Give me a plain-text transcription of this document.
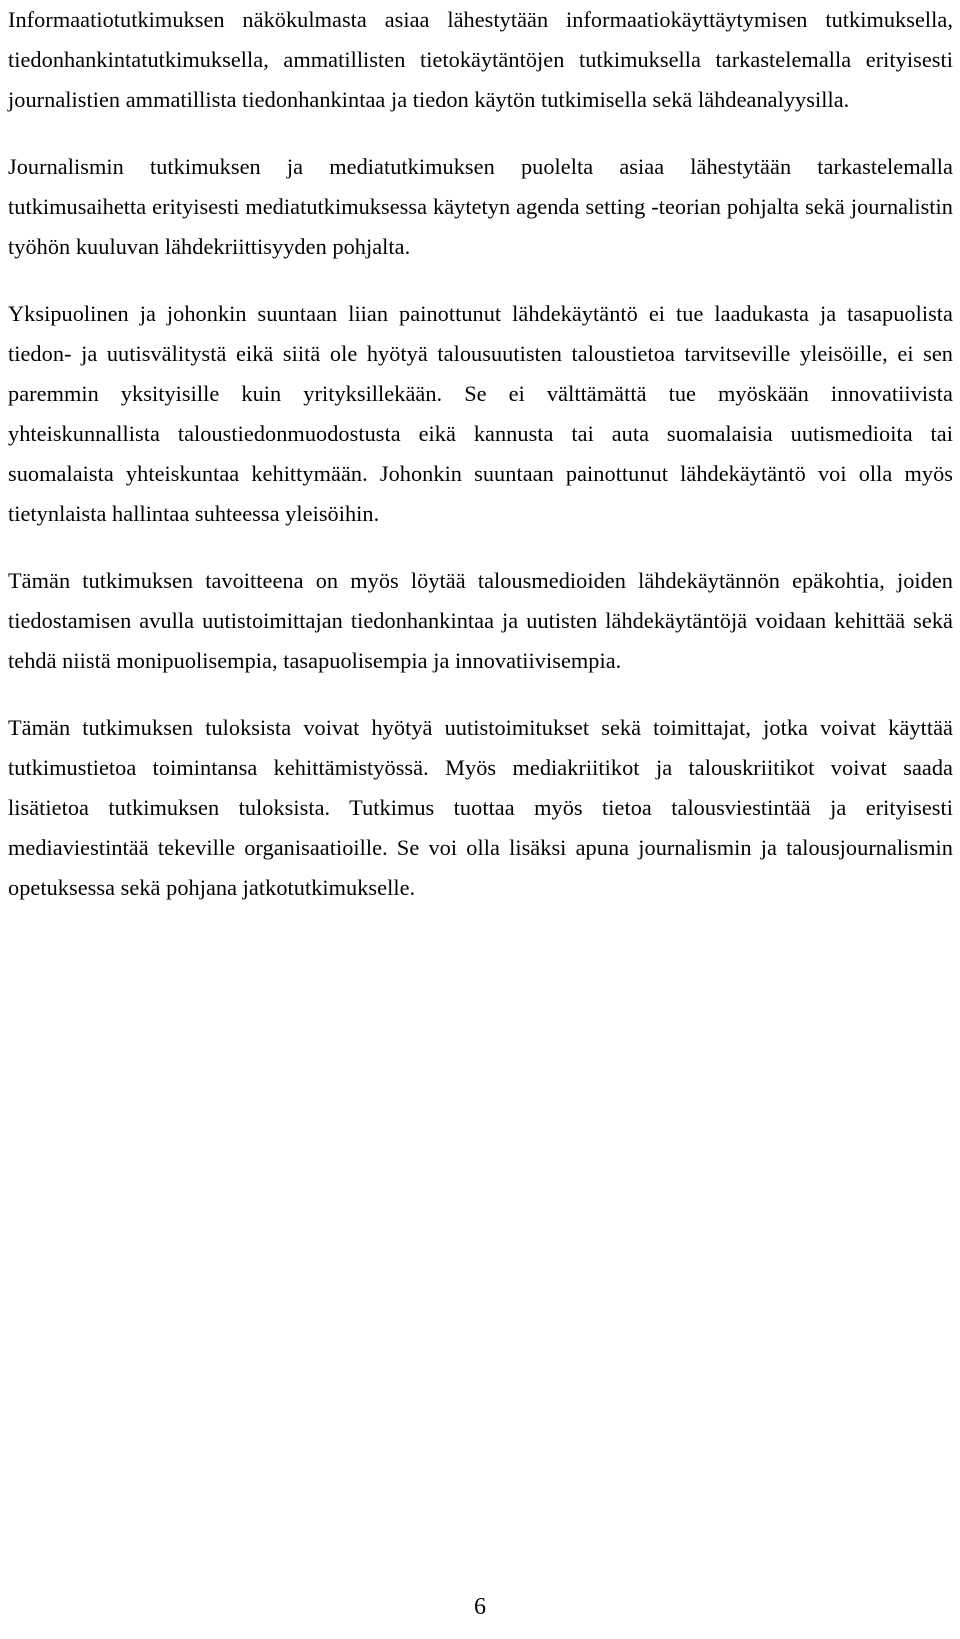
Informaatiotutkimuksen näkökulmasta asiaa lähestytään informaatiokäyttäytymisen tutkimuksella, tiedonhankintatutkimuksella, ammatillisten tietokäytäntöjen tutkimuksella tarkastelemalla erityisesti journalistien ammatillista tiedonhankintaa ja tiedon käytön tutkimisella sekä lähdeanalyysilla.

Journalismin tutkimuksen ja mediatutkimuksen puolelta asiaa lähestytään tarkastelemalla tutkimusaihetta erityisesti mediatutkimuksessa käytetyn agenda setting -teorian pohjalta sekä journalistin työhön kuuluvan lähdekriittisyyden pohjalta.

Yksipuolinen ja johonkin suuntaan liian painottunut lähdekäytäntö ei tue laadukasta ja tasapuolista tiedon- ja uutisvälitystä eikä siitä ole hyötyä talousuutisten taloustietoa tarvitseville yleisöille, ei sen paremmin yksityisille kuin yrityksillekään. Se ei välttämättä tue myöskään innovatiivista yhteiskunnallista taloustiedonmuodostusta eikä kannusta tai auta suomalaisia uutismedioita tai suomalaista yhteiskuntaa kehittymään. Johonkin suuntaan painottunut lähdekäytäntö voi olla myös tietynlaista hallintaa suhteessa yleisöihin.

Tämän tutkimuksen tavoitteena on myös löytää talousmedioiden lähdekäytännön epäkohtia, joiden tiedostamisen avulla uutistoimittajan tiedonhankintaa ja uutisten lähdekäytäntöjä voidaan kehittää sekä tehdä niistä monipuolisempia, tasapuolisempia ja innovatiivisempia.

Tämän tutkimuksen tuloksista voivat hyötyä uutistoimitukset sekä toimittajat, jotka voivat käyttää tutkimustietoa toimintansa kehittämistyössä. Myös mediakriitikot ja talouskriitikot voivat saada lisätietoa tutkimuksen tuloksista. Tutkimus tuottaa myös tietoa talousviestintää ja erityisesti mediaviestintää tekeville organisaatioille. Se voi olla lisäksi apuna journalismin ja talousjournalismin opetuksessa sekä pohjana jatkotutkimukselle.

6
